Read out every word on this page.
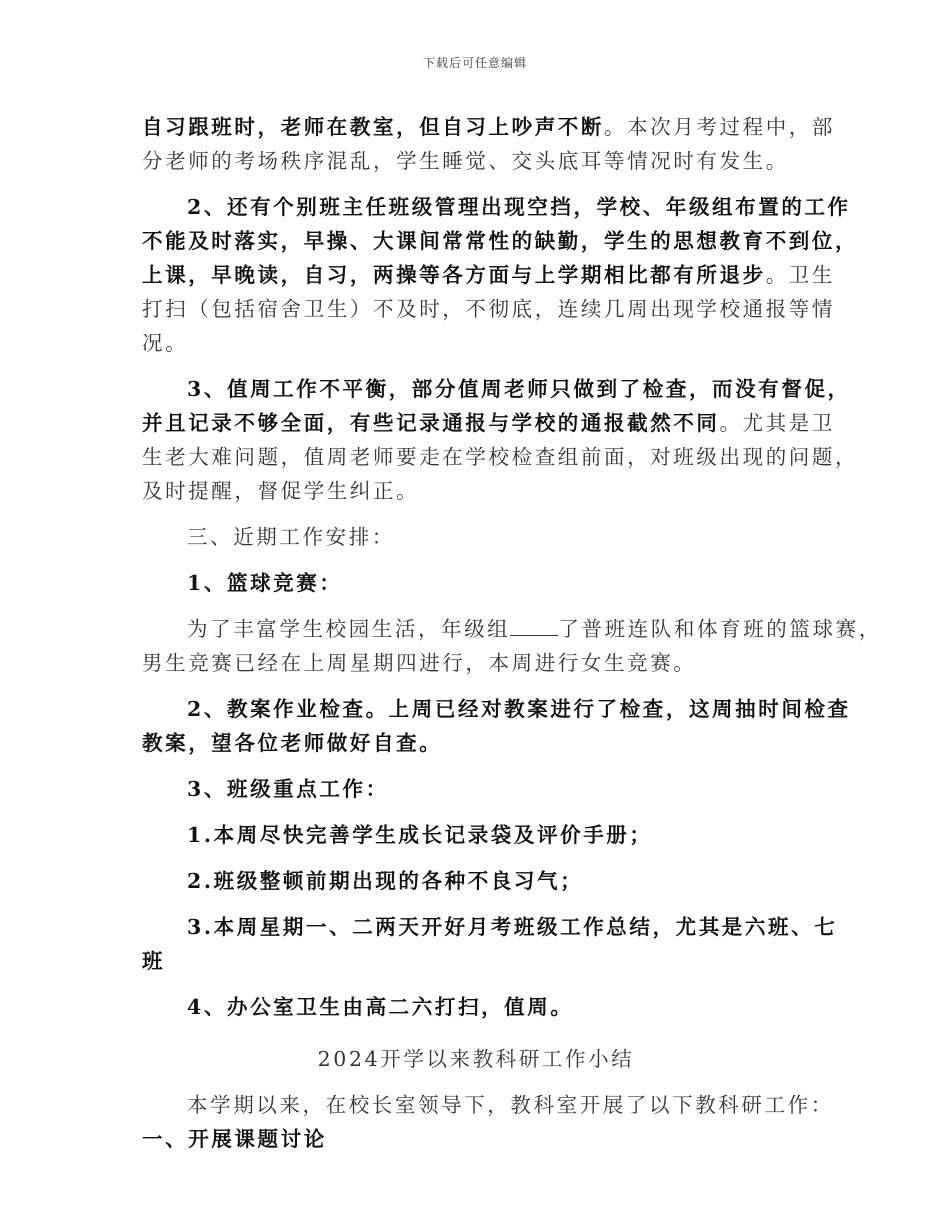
下载后可任意编辑
自习跟班时，老师在教室，但自习上吵声不断。本次月考过程中，部
分老师的考场秩序混乱，学生睡觉、交头底耳等情况时有发生。
2、还有个别班主任班级管理出现空挡，学校、年级组布置的工作
不能及时落实，早操、大课间常常性的缺勤，学生的思想教育不到位，
上课，早晚读，自习，两操等各方面与上学期相比都有所退步。卫生
打扫（包括宿舍卫生）不及时，不彻底，连续几周出现学校通报等情
况。
3、值周工作不平衡，部分值周老师只做到了检查，而没有督促，
并且记录不够全面，有些记录通报与学校的通报截然不同。尤其是卫
生老大难问题，值周老师要走在学校检查组前面，对班级出现的问题，
及时提醒，督促学生纠正。
三、近期工作安排：
1、篮球竞赛：
为了丰富学生校园生活，年级组 了普班连队和体育班的篮球赛，
男生竞赛已经在上周星期四进行，本周进行女生竞赛。
2、教案作业检查。上周已经对教案进行了检查，这周抽时间检查
教案，望各位老师做好自查。
3、班级重点工作：
1.本周尽快完善学生成长记录袋及评价手册；
2.班级整顿前期出现的各种不良习气；
3.本周星期一、二两天开好月考班级工作总结，尤其是六班、七
班
4、办公室卫生由高二六打扫，值周。
2024开学以来教科研工作小结
本学期以来，在校长室领导下，教科室开展了以下教科研工作：
一、开展课题讨论
